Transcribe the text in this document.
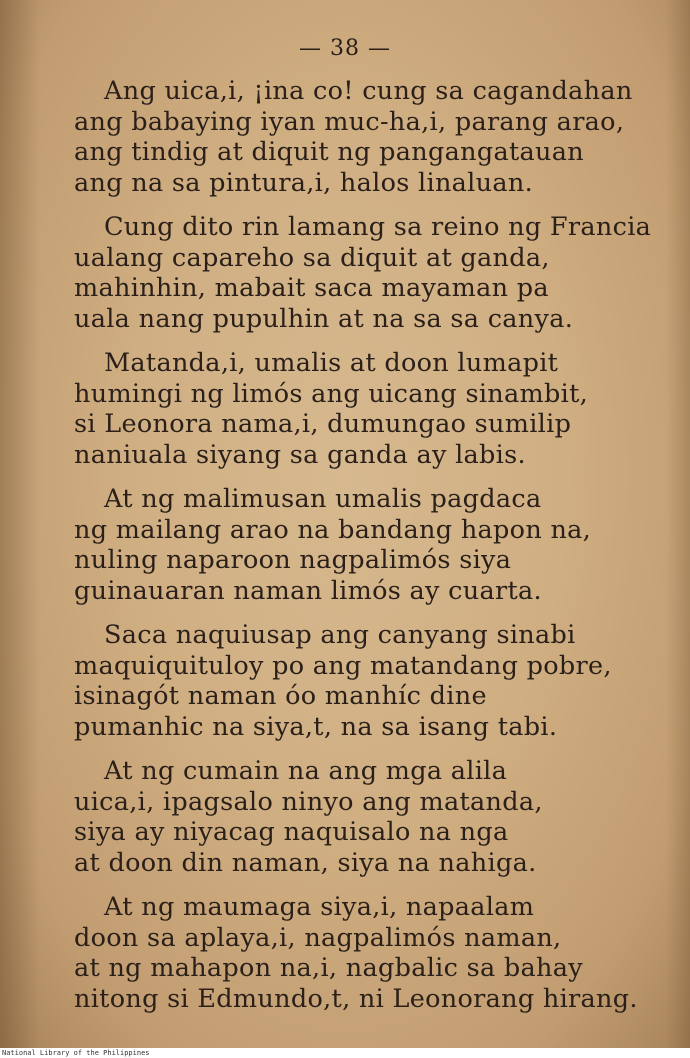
— 38 —
Ang uica,i, ¡ina co! cung sa cagandahan
ang babaying iyan muc-ha,i, parang arao,
ang tindig at diquit ng pangangatauan
ang na sa pintura,i, halos linaluan.
Cung dito rin lamang sa reino ng Francia
ualang capareho sa diquit at ganda,
mahinhin, mabait saca mayaman pa
uala nang pupulhin at na sa sa canya.
Matanda,i, umalis at doon lumapit
humingi ng limós ang uicang sinambit,
si Leonora nama,i, dumungao sumilip
naniuala siyang sa ganda ay labis.
At ng malimusan umalis pagdaca
ng mailang arao na bandang hapon na,
nuling naparoon nagpalimós siya
guinauaran naman limós ay cuarta.
Saca naquiusap ang canyang sinabi
maquiquituloy po ang matandang pobre,
isinagót naman óo manhíc dine
pumanhic na siya,t, na sa isang tabi.
At ng cumain na ang mga alila
uica,i, ipagsalo ninyo ang matanda,
siya ay niyacag naquisalo na nga
at doon din naman, siya na nahiga.
At ng maumaga siya,i, napaalam
doon sa aplaya,i, nagpalimós naman,
at ng mahapon na,i, nagbalic sa bahay
nitong si Edmundo,t, ni Leonorang hirang.
National Library of the Philippines
